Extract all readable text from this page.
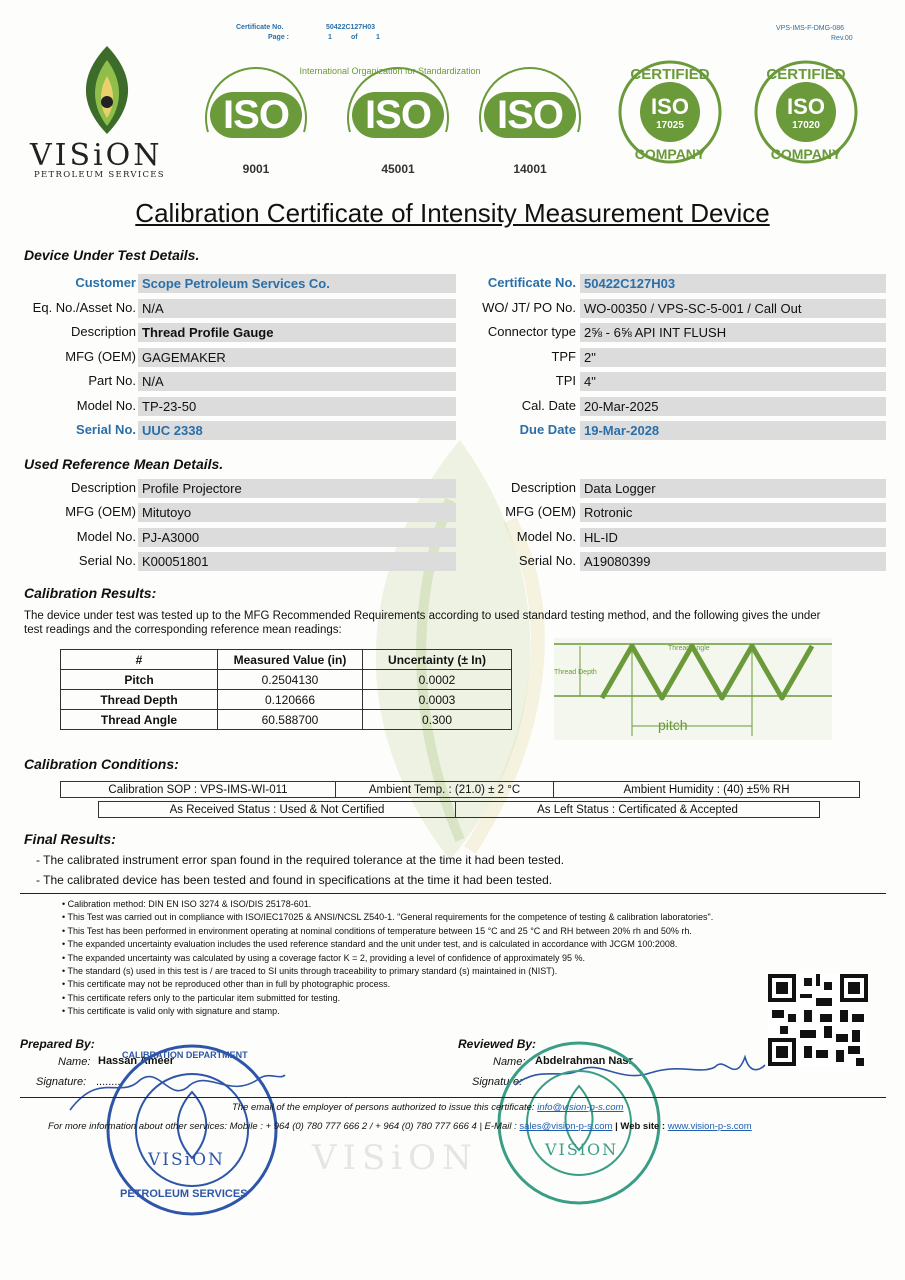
Certificate No.	50422C127H03
Page :	1	of	1
VPS-IMS-F-DMG-086
Rev.00
VISiON
PETROLEUM SERVICES
ISO
9001
ISO
45001
ISO
14001
International Organization for Standardization	CERTIFIED
ISO
17025
COMPANY
CERTIFIED
ISO
17020
COMPANY
Calibration Certificate of Intensity Measurement Device
Device Under Test Details.
Customer Scope Petroleum Services Co.
Eq. No./Asset No. N/A
Description Thread Profile Gauge
MFG (OEM) GAGEMAKER
Part No. N/A
Model No. TP-23-50
Serial No. UUC 2338
Certificate No. 50422C127H03
WO/ JT/ PO No. WO-00350 / VPS-SC-5-001 / Call Out
Connector type 2⅝ - 6⅝ API INT FLUSH
TPF 2"
TPI 4"
Cal. Date 20-Mar-2025
Due Date 19-Mar-2028
Used Reference Mean Details.
Description Profile Projectore
MFG (OEM) Mitutoyo
Model No. PJ-A3000
Serial No. K00051801
Description Data Logger
MFG (OEM) Rotronic
Model No. HL-ID
Serial No. A19080399
Calibration Results:
The device under test was tested up to the MFG Recommended Requirements according to used standard testing method, and the following gives the under
test readings and the corresponding reference mean readings:
#	Measured Value (in)	Uncertainty (± In)
Pitch	0.2504130	0.0002
Thread Depth	0.120666	0.0003
Thread Angle	60.588700	0.300
Thread Angle
Thread Depth
pitch
Calibration Conditions:
Calibration SOP : VPS-IMS-WI-011	Ambient Temp. : (21.0) ± 2 °C	Ambient Humidity : (40) ±5% RH
As Received Status : Used & Not Certified	As Left Status : Certificated & Accepted
Final Results:
- The calibrated instrument error span found in the required tolerance at the time it had been tested.
- The calibrated device has been tested and found in specifications at the time it had been tested.
• Calibration method: DIN EN ISO 3274 & ISO/DIS 25178-601.
• This Test was carried out in compliance with ISO/IEC17025 & ANSI/NCSL Z540-1. "General requirements for the competence of testing & calibration laboratories".
• This Test has been performed in environment operating at nominal conditions of temperature between 15 °C and 25 °C and RH between 20% rh and 50% rh.
• The expanded uncertainty evaluation includes the used reference standard and the unit under test, and is calculated in accordance with JCGM 100:2008.
• The expanded uncertainty was calculated by using a coverage factor K = 2, providing a level of confidence of approximately 95 %.
• The standard (s) used in this test is / are traced to SI units through traceability to primary standard (s) maintained in (NIST).
• This certificate may not be reproduced other than in full by photographic process.
• This certificate refers only to the particular item submitted for testing.
• This certificate is valid only with signature and stamp.
Prepared By:
Name: Hassan Ameer
Signature: ........
Reviewed By:
Name: Abdelrahman Nasr
Signature:
VISiON
CALIBRATION DEPARTMENT
PETROLEUM SERVICES
VISiON
The email of the employer of persons authorized to issue this certificate: info@vision-p-s.com
For more information about other services: Mobile : + 964 (0) 780 777 666 2 / + 964 (0) 780 777 666 4 | E-Mail : sales@vision-p-s.com | Web site : www.vision-p-s.com
VISiON
